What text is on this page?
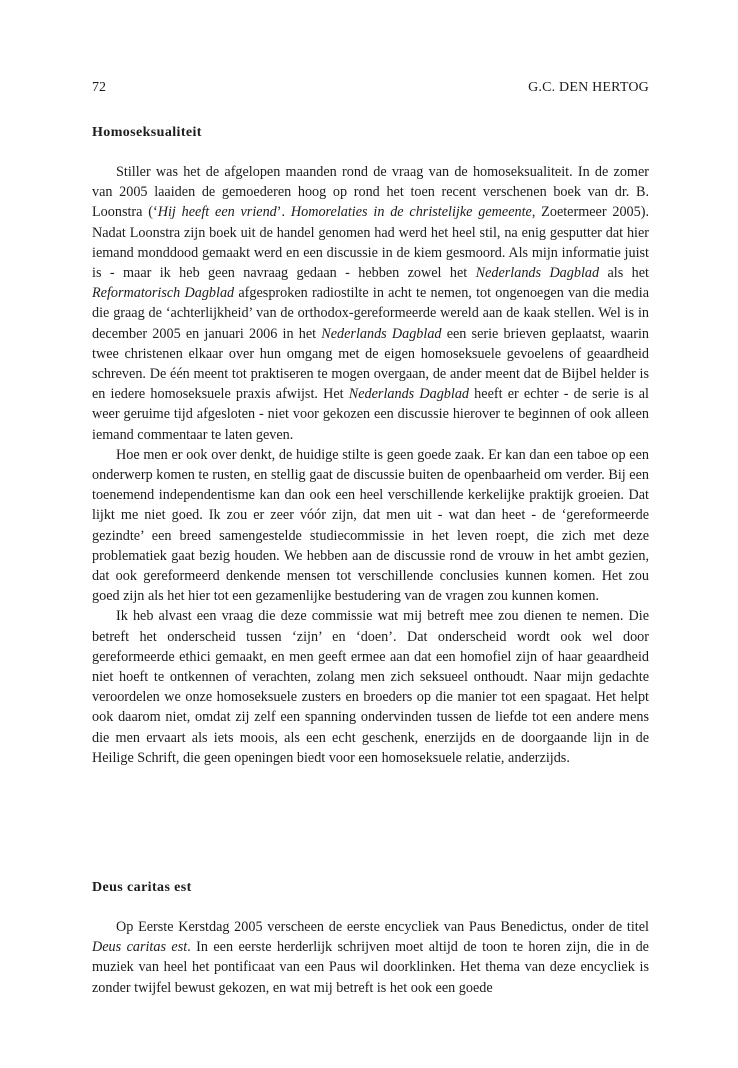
72	G.C. DEN HERTOG
Homoseksualiteit

Stiller was het de afgelopen maanden rond de vraag van de homoseksualiteit. In de zomer van 2005 laaiden de gemoederen hoog op rond het toen recent verschenen boek van dr. B. Loonstra (‘Hij heeft een vriend’. Homorelaties in de christelijke gemeente, Zoetermeer 2005). Nadat Loonstra zijn boek uit de handel genomen had werd het heel stil, na enig gesputter dat hier iemand monddood gemaakt werd en een discussie in de kiem gesmoord. Als mijn informatie juist is - maar ik heb geen navraag gedaan - hebben zowel het Nederlands Dagblad als het Reformatorisch Dagblad afgesproken radiostilte in acht te nemen, tot ongenoegen van die media die graag de ‘achterlijkheid’ van de orthodox-gereformeerde wereld aan de kaak stellen. Wel is in december 2005 en januari 2006 in het Nederlands Dagblad een serie brieven geplaatst, waarin twee christenen elkaar over hun omgang met de eigen homoseksuele gevoelens of geaardheid schreven. De één meent tot praktiseren te mogen overgaan, de ander meent dat de Bijbel helder is en iedere homoseksuele praxis afwijst. Het Nederlands Dagblad heeft er echter - de serie is al weer geruime tijd afgesloten - niet voor gekozen een discussie hierover te beginnen of ook alleen iemand commentaar te laten geven.

Hoe men er ook over denkt, de huidige stilte is geen goede zaak. Er kan dan een taboe op een onderwerp komen te rusten, en stellig gaat de discussie buiten de openbaarheid om verder. Bij een toenemend independentisme kan dan ook een heel verschillende kerkelijke praktijk groeien. Dat lijkt me niet goed. Ik zou er zeer vóór zijn, dat men uit - wat dan heet - de ‘gereformeerde gezindte’ een breed samengestelde studiecommissie in het leven roept, die zich met deze problematiek gaat bezig houden. We hebben aan de discussie rond de vrouw in het ambt gezien, dat ook gereformeerd denkende mensen tot verschillende conclusies kunnen komen. Het zou goed zijn als het hier tot een gezamenlijke bestudering van de vragen zou kunnen komen.

Ik heb alvast een vraag die deze commissie wat mij betreft mee zou dienen te nemen. Die betreft het onderscheid tussen ‘zijn’ en ‘doen’. Dat onderscheid wordt ook wel door gereformeerde ethici gemaakt, en men geeft ermee aan dat een homofiel zijn of haar geaardheid niet hoeft te ontkennen of verachten, zolang men zich seksueel onthoudt. Naar mijn gedachte veroordelen we onze homoseksuele zusters en broeders op die manier tot een spagaat. Het helpt ook daarom niet, omdat zij zelf een spanning ondervinden tussen de liefde tot een andere mens die men ervaart als iets moois, als een echt geschenk, enerzijds en de doorgaande lijn in de Heilige Schrift, die geen openingen biedt voor een homoseksuele relatie, anderzijds.

Deus caritas est

Op Eerste Kerstdag 2005 verscheen de eerste encycliek van Paus Benedictus, onder de titel Deus caritas est. In een eerste herderlijk schrijven moet altijd de toon te horen zijn, die in de muziek van heel het pontificaat van een Paus wil doorklinken. Het thema van deze encycliek is zonder twijfel bewust gekozen, en wat mij betreft is het ook een goede
